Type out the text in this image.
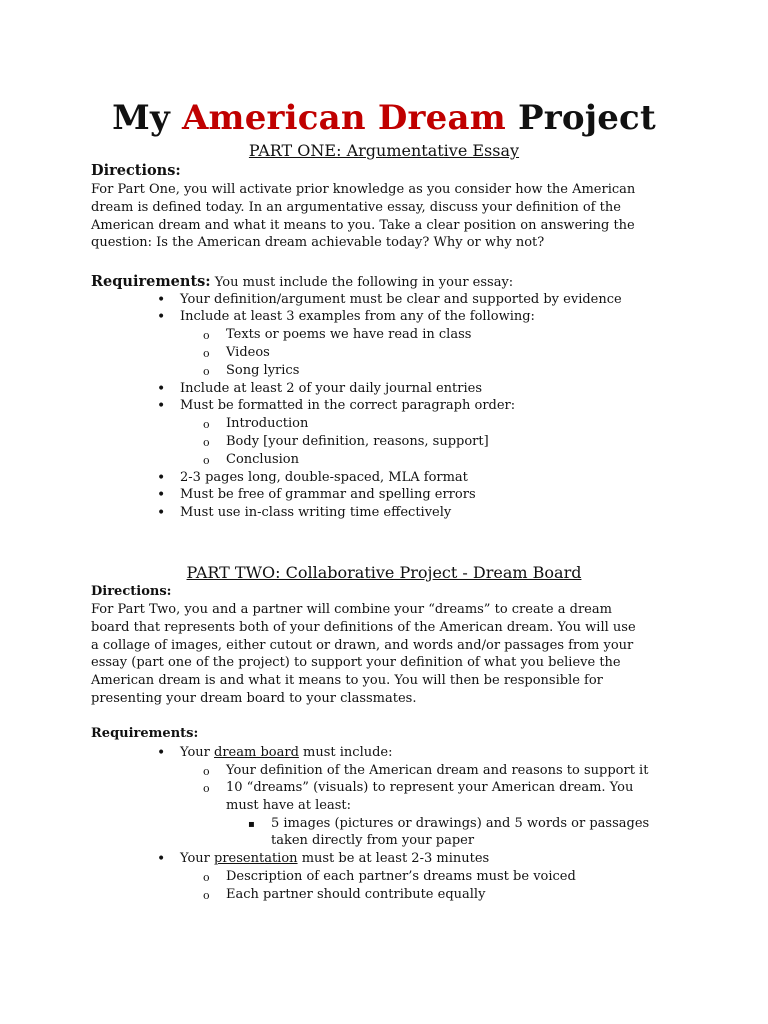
My American Dream Project
PART ONE: Argumentative Essay
Directions:
For Part One, you will activate prior knowledge as you consider how the American
dream is defined today. In an argumentative essay, discuss your definition of the
American dream and what it means to you. Take a clear position on answering the
question: Is the American dream achievable today? Why or why not?
Requirements: You must include the following in your essay:
• Your definition/argument must be clear and supported by evidence
• Include at least 3 examples from any of the following:
o Texts or poems we have read in class
o Videos
o Song lyrics
• Include at least 2 of your daily journal entries
• Must be formatted in the correct paragraph order:
o Introduction
o Body [your definition, reasons, support]
o Conclusion
• 2-3 pages long, double-spaced, MLA format
• Must be free of grammar and spelling errors
• Must use in-class writing time effectively
PART TWO: Collaborative Project - Dream Board
Directions:
For Part Two, you and a partner will combine your “dreams” to create a dream
board that represents both of your definitions of the American dream. You will use
a collage of images, either cutout or drawn, and words and/or passages from your
essay (part one of the project) to support your definition of what you believe the
American dream is and what it means to you. You will then be responsible for
presenting your dream board to your classmates.
Requirements:
• Your dream board must include:
o Your definition of the American dream and reasons to support it
o 10 “dreams” (visuals) to represent your American dream. You
must have at least:
▪ 5 images (pictures or drawings) and 5 words or passages
taken directly from your paper
• Your presentation must be at least 2-3 minutes
o Description of each partner’s dreams must be voiced
o Each partner should contribute equally
